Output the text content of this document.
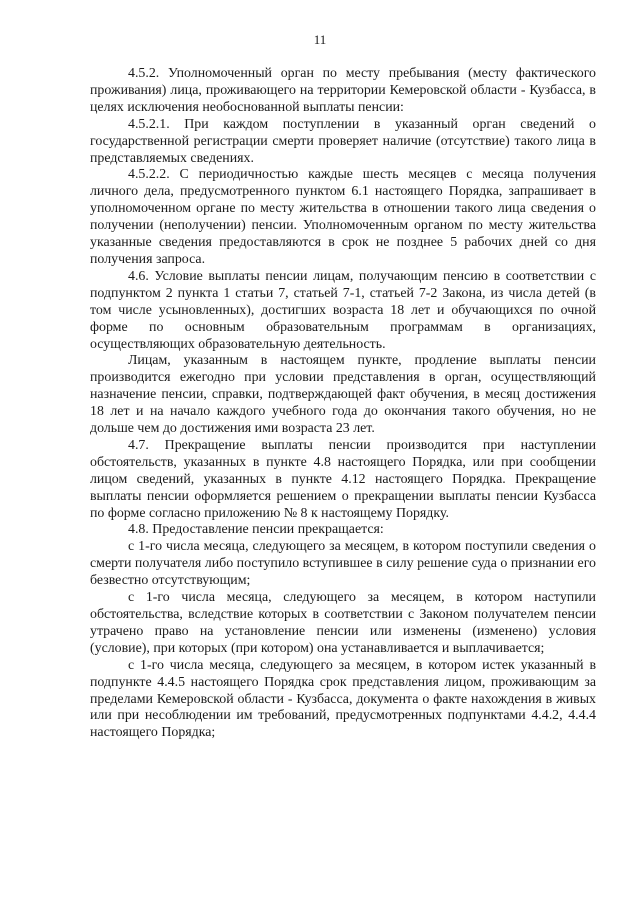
11

4.5.2. Уполномоченный орган по месту пребывания (месту фактического проживания) лица, проживающего на территории Кемеровской области - Кузбасса, в целях исключения необоснованной выплаты пенсии:

4.5.2.1. При каждом поступлении в указанный орган сведений о государственной регистрации смерти проверяет наличие (отсутствие) такого лица в представляемых сведениях.

4.5.2.2. С периодичностью каждые шесть месяцев с месяца получения личного дела, предусмотренного пунктом 6.1 настоящего Порядка, запрашивает в уполномоченном органе по месту жительства в отношении такого лица сведения о получении (неполучении) пенсии. Уполномоченным органом по месту жительства указанные сведения предоставляются в срок не позднее 5 рабочих дней со дня получения запроса.

4.6. Условие выплаты пенсии лицам, получающим пенсию в соответствии с подпунктом 2 пункта 1 статьи 7, статьей 7-1, статьей 7-2 Закона, из числа детей (в том числе усыновленных), достигших возраста 18 лет и обучающихся по очной форме по основным образовательным программам в организациях, осуществляющих образовательную деятельность.

Лицам, указанным в настоящем пункте, продление выплаты пенсии производится ежегодно при условии представления в орган, осуществляющий назначение пенсии, справки, подтверждающей факт обучения, в месяц достижения 18 лет и на начало каждого учебного года до окончания такого обучения, но не дольше чем до достижения ими возраста 23 лет.

4.7. Прекращение выплаты пенсии производится при наступлении обстоятельств, указанных в пункте 4.8 настоящего Порядка, или при сообщении лицом сведений, указанных в пункте 4.12 настоящего Порядка. Прекращение выплаты пенсии оформляется решением о прекращении выплаты пенсии Кузбасса по форме согласно приложению № 8 к настоящему Порядку.

4.8. Предоставление пенсии прекращается:

с 1-го числа месяца, следующего за месяцем, в котором поступили сведения о смерти получателя либо поступило вступившее в силу решение суда о признании его безвестно отсутствующим;

с 1-го числа месяца, следующего за месяцем, в котором наступили обстоятельства, вследствие которых в соответствии с Законом получателем пенсии утрачено право на установление пенсии или изменены (изменено) условия (условие), при которых (при котором) она устанавливается и выплачивается;

с 1-го числа месяца, следующего за месяцем, в котором истек указанный в подпункте 4.4.5 настоящего Порядка срок представления лицом, проживающим за пределами Кемеровской области - Кузбасса, документа о факте нахождения в живых или при несоблюдении им требований, предусмотренных подпунктами 4.4.2, 4.4.4 настоящего Порядка;
